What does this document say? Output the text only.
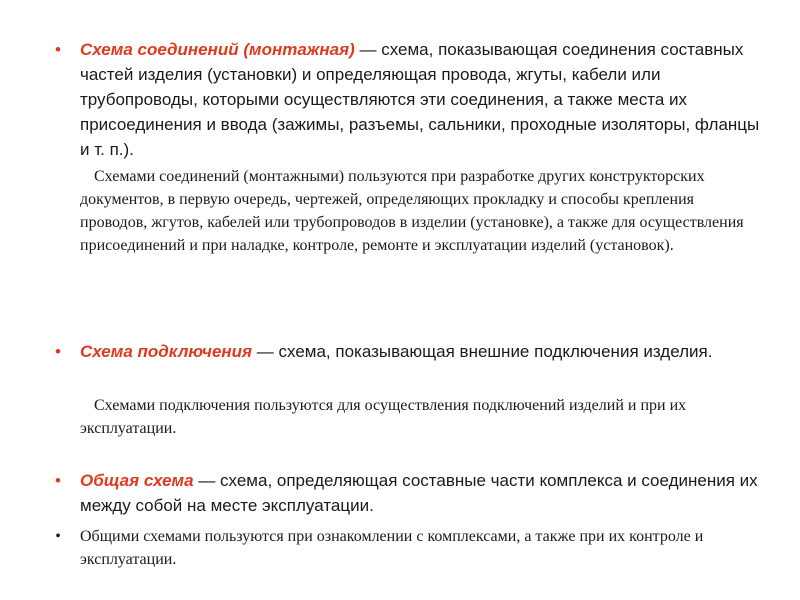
• Схема соединений (монтажная) — схема, показывающая соединения составных частей изделия (установки) и определяющая провода, жгуты, кабели или трубопроводы, которыми осуществляются эти соединения, а также места их присоединения и ввода (зажимы, разъемы, сальники, проходные изоляторы, фланцы и т. п.).
Схемами соединений (монтажными) пользуются при разработке других конструкторских документов, в первую очередь, чертежей, определяющих прокладку и способы крепления проводов, жгутов, кабелей или трубопроводов в изделии (установке), а также для осуществления присоединений и при наладке, контроле, ремонте и эксплуатации изделий (установок).
• Схема подключения — схема, показывающая внешние подключения изделия.
Схемами подключения пользуются для осуществления подключений изделий и при их эксплуатации.
• Общая схема — схема, определяющая составные части комплекса и соединения их между собой на месте эксплуатации.
• Общими схемами пользуются при ознакомлении с комплексами, а также при их контроле и эксплуатации.
